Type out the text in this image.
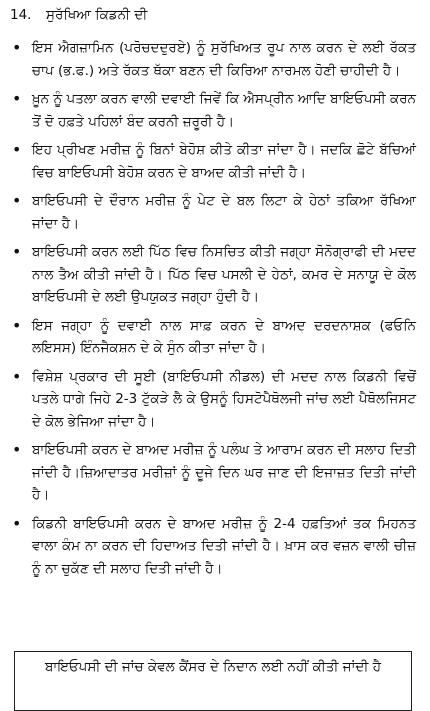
14. ਸੁਰੱਖਿਆ ਕਿਡਨੀ ਦੀ
• ਇਸ ਐਗਜ਼ਾਮਿਨ (ਪਰੋਚਦਦੁਰਏ) ਨੂੰ ਸੁਰੱਖਿਅਤ ਰੂਪ ਨਾਲ ਕਰਨ ਦੇ ਲਈ ਰੱਕਤ ਚਾਪ (ਭ.ਫ.) ਅਤੇ ਰੱਕਤ ਥੱਕਾ ਬਣਨ ਦੀ ਕਿਰਿਆ ਨਾਰਮਲ ਹੋਣੀ ਚਾਹੀਦੀ ਹੈ।
• ਖ਼ੂਨ ਨੂੰ ਪਤਲਾ ਕਰਨ ਵਾਲੀ ਦਵਾਈ ਜਿਵੇਂ ਕਿ ਐਸਪ੍ਰੀਨ ਆਦਿ ਬਾਇਓਪਸੀ ਕਰਨ ਤੋਂ ਦੋ ਹਫ਼ਤੇ ਪਹਿਲਾਂ ਬੰਦ ਕਰਨੀ ਜ਼ਰੂਰੀ ਹੈ।
• ਇਹ ਪ੍ਰੀਖਣ ਮਰੀਜ਼ ਨੂੰ ਬਿਨਾਂ ਬੇਹੋਸ਼ ਕੀਤੇ ਕੀਤਾ ਜਾਂਦਾ ਹੈ। ਜਦਕਿ ਛੋਟੇ ਬੱਚਿਆਂ ਵਿਚ ਬਾਇਓਪਸੀ ਬੇਹੋਸ਼ ਕਰਨ ਦੇ ਬਾਅਦ ਕੀਤੀ ਜਾਂਦੀ ਹੈ।
• ਬਾਇਓਪਸੀ ਦੇ ਦੌਰਾਨ ਮਰੀਜ਼ ਨੂੰ ਪੇਟ ਦੇ ਬਲ ਲਿਟਾ ਕੇ ਹੇਠਾਂ ਤਕਿਆ ਰੱਖਿਆ ਜਾਂਦਾ ਹੈ।
• ਬਾਇਓਪਸੀ ਕਰਨ ਲਈ ਪਿੱਠ ਵਿਚ ਨਿਸਚਿਤ ਕੀਤੀ ਜਗ੍ਹਾ ਸੋਨੋਗ੍ਰਾਫੀ ਦੀ ਮਦਦ ਨਾਲ ਤੈਅ ਕੀਤੀ ਜਾਂਦੀ ਹੈ। ਪਿੱਠ ਵਿਚ ਪਸਲੀ ਦੇ ਹੇਠਾਂ, ਕਮਰ ਦੇ ਸਨਾਯੂ ਦੇ ਕੋਲ ਬਾਇਓਪਸੀ ਦੇ ਲਈ ਉਪਯੁਕਤ ਜਗ੍ਹਾ ਹੁੰਦੀ ਹੈ।
• ਇਸ ਜਗ੍ਹਾ ਨੂੰ ਦਵਾਈ ਨਾਲ ਸਾਫ਼ ਕਰਨ ਦੇ ਬਾਅਦ ਦਰਦਨਾਸ਼ਕ (ਫਓਨਿ ਲਇਸਸ) ਇੰਨਜੈਕਸ਼ਨ ਦੇ ਕੇ ਸੁੰਨ ਕੀਤਾ ਜਾਂਦਾ ਹੈ।
• ਵਿਸ਼ੇਸ਼ ਪ੍ਰਕਾਰ ਦੀ ਸੂਈ (ਬਾਇਓਪਸੀ ਨੀਡਲ) ਦੀ ਮਦਦ ਨਾਲ ਕਿਡਨੀ ਵਿਚੋਂ ਪਤਲੇ ਧਾਗੇ ਜਿਹੇ 2-3 ਟੁੱਕੜੇ ਲੈ ਕੇ ਉਸਨੂੰ ਹਿਸਟੋਪੈਥੋਲਜੀ ਜਾਂਚ ਲਈ ਪੈਥੋਲਜਿਸਟ ਦੇ ਕੋਲ ਭੇਜਿਆ ਜਾਂਦਾ ਹੈ।
• ਬਾਇਓਪਸੀ ਕਰਨ ਦੇ ਬਾਅਦ ਮਰੀਜ਼ ਨੂੰ ਪਲੰਘ ਤੇ ਆਰਾਮ ਕਰਨ ਦੀ ਸਲਾਹ ਦਿਤੀ ਜਾਂਦੀ ਹੈ।ਜ਼ਿਆਦਾਤਰ ਮਰੀਜ਼ਾਂ ਨੂੰ ਦੂਜੇ ਦਿਨ ਘਰ ਜਾਣ ਦੀ ਇਜਾਜ਼ਤ ਦਿਤੀ ਜਾਂਦੀ ਹੈ।
• ਕਿਡਨੀ ਬਾਇਓਪਸੀ ਕਰਨ ਦੇ ਬਾਅਦ ਮਰੀਜ਼ ਨੂੰ 2-4 ਹਫ਼ਤਿਆਂ ਤਕ ਮਿਹਨਤ ਵਾਲਾ ਕੰਮ ਨਾ ਕਰਨ ਦੀ ਹਿਦਾਅਤ ਦਿਤੀ ਜਾਂਦੀ ਹੈ। ਖ਼ਾਸ ਕਰ ਵਜ਼ਨ ਵਾਲੀ ਚੀਜ਼ ਨੂੰ ਨਾ ਚੁਕੱਣ ਦੀ ਸਲਾਹ ਦਿਤੀ ਜਾਂਦੀ ਹੈ।
ਬਾਇਓਪਸੀ ਦੀ ਜਾਂਚ ਕੇਵਲ ਕੈਂਸਰ ਦੇ ਨਿਦਾਨ ਲਈ ਨਹੀਂ ਕੀਤੀ ਜਾਂਦੀ ਹੈ
